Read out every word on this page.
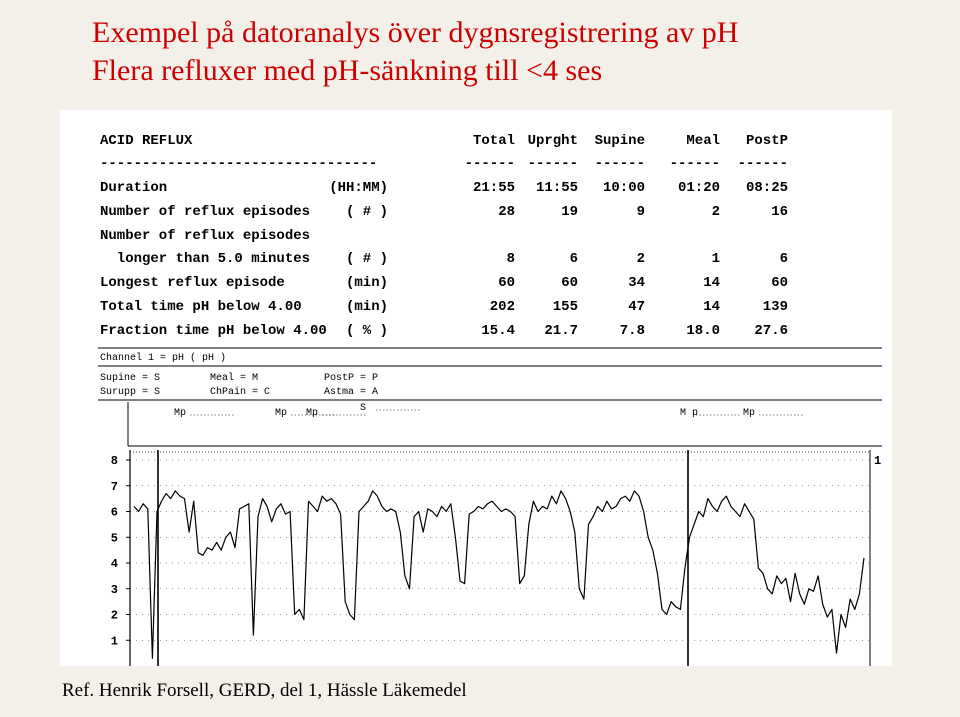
Exempel på datoranalys över dygnsregistrering av pH
Flera refluxer med pH-sänkning till <4 ses
ACID REFLUX	Total Uprght Supine	Meal PostP
---------------------------------	------ ------ ------ ------ ------
Duration	(HH:MM)	21:55 11:55 10:00 01:20 08:25
Number of reflux episodes	( # )	28	19	9	2	16
Number of reflux episodes
longer than 5.0 minutes	( # )	8	6	2	1	6
Longest reflux episode	(min)	60	60	34	14	60
Total time pH below 4.00	(min)	202	155	47	14	139
Fraction time pH below 4.00 ( % )	15.4 21.7	7.8	18.0 27.6
Channel 1 = pH ( pH )
Supine = S	Meal = M	PostP = P
Surupp = S	ChPain = C	Astma = A
Mp	Mp Mp	S	M p	Mp
8
7
6
5
4
3
2
1
1
Ref. Henrik Forsell, GERD, del 1, Hässle Läkemedel
